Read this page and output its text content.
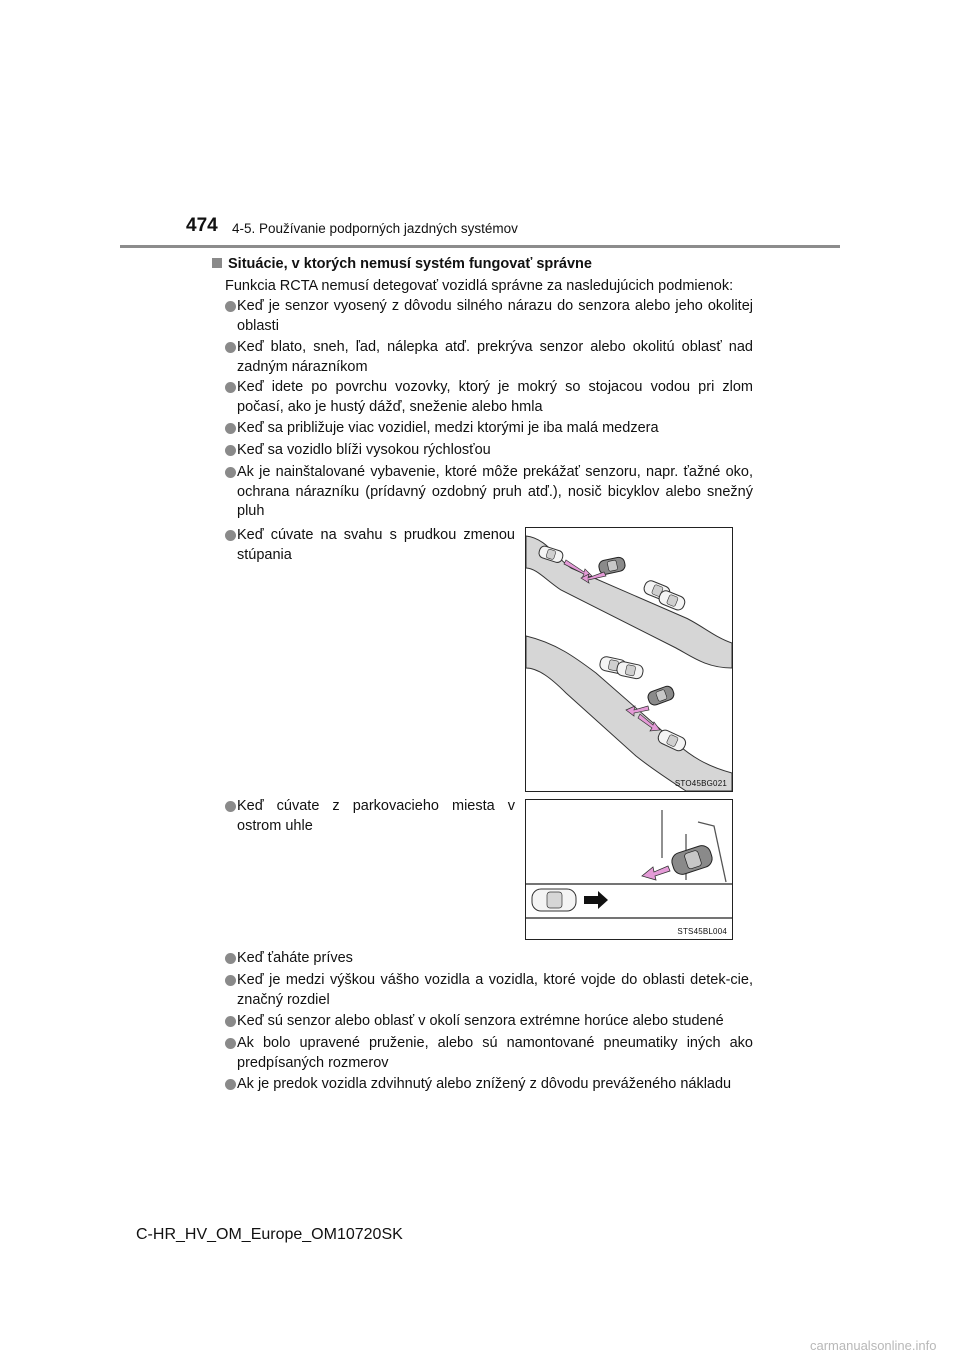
474 4-5. Používanie podporných jazdných systémov
Situácie, v ktorých nemusí systém fungovať správne
Funkcia RCTA nemusí detegovať vozidlá správne za nasledujúcich podmienok:
Keď je senzor vyosený z dôvodu silného nárazu do senzora alebo jeho okolitej oblasti
Keď blato, sneh, ľad, nálepka atď. prekrýva senzor alebo okolitú oblasť nad zadným nárazníkom
Keď idete po povrchu vozovky, ktorý je mokrý so stojacou vodou pri zlom počasí, ako je hustý dážď, sneženie alebo hmla
Keď sa približuje viac vozidiel, medzi ktorými je iba malá medzera
Keď sa vozidlo blíži vysokou rýchlosťou
Ak je nainštalované vybavenie, ktoré môže prekážať senzoru, napr. ťažné oko, ochrana nárazníku (prídavný ozdobný pruh atď.), nosič bicyklov alebo snežný pluh
Keď cúvate na svahu s prudkou zmenou stúpania
STO45BG021
Keď cúvate z parkovacieho miesta v ostrom uhle
STS45BL004
Keď ťaháte príves
Keď je medzi výškou vášho vozidla a vozidla, ktoré vojde do oblasti detek-cie, značný rozdiel
Keď sú senzor alebo oblasť v okolí senzora extrémne horúce alebo studené
Ak bolo upravené pruženie, alebo sú namontované pneumatiky iných ako predpísaných rozmerov
Ak je predok vozidla zdvihnutý alebo znížený z dôvodu preváženého nákladu
C-HR_HV_OM_Europe_OM10720SK
carmanualsonline.info
